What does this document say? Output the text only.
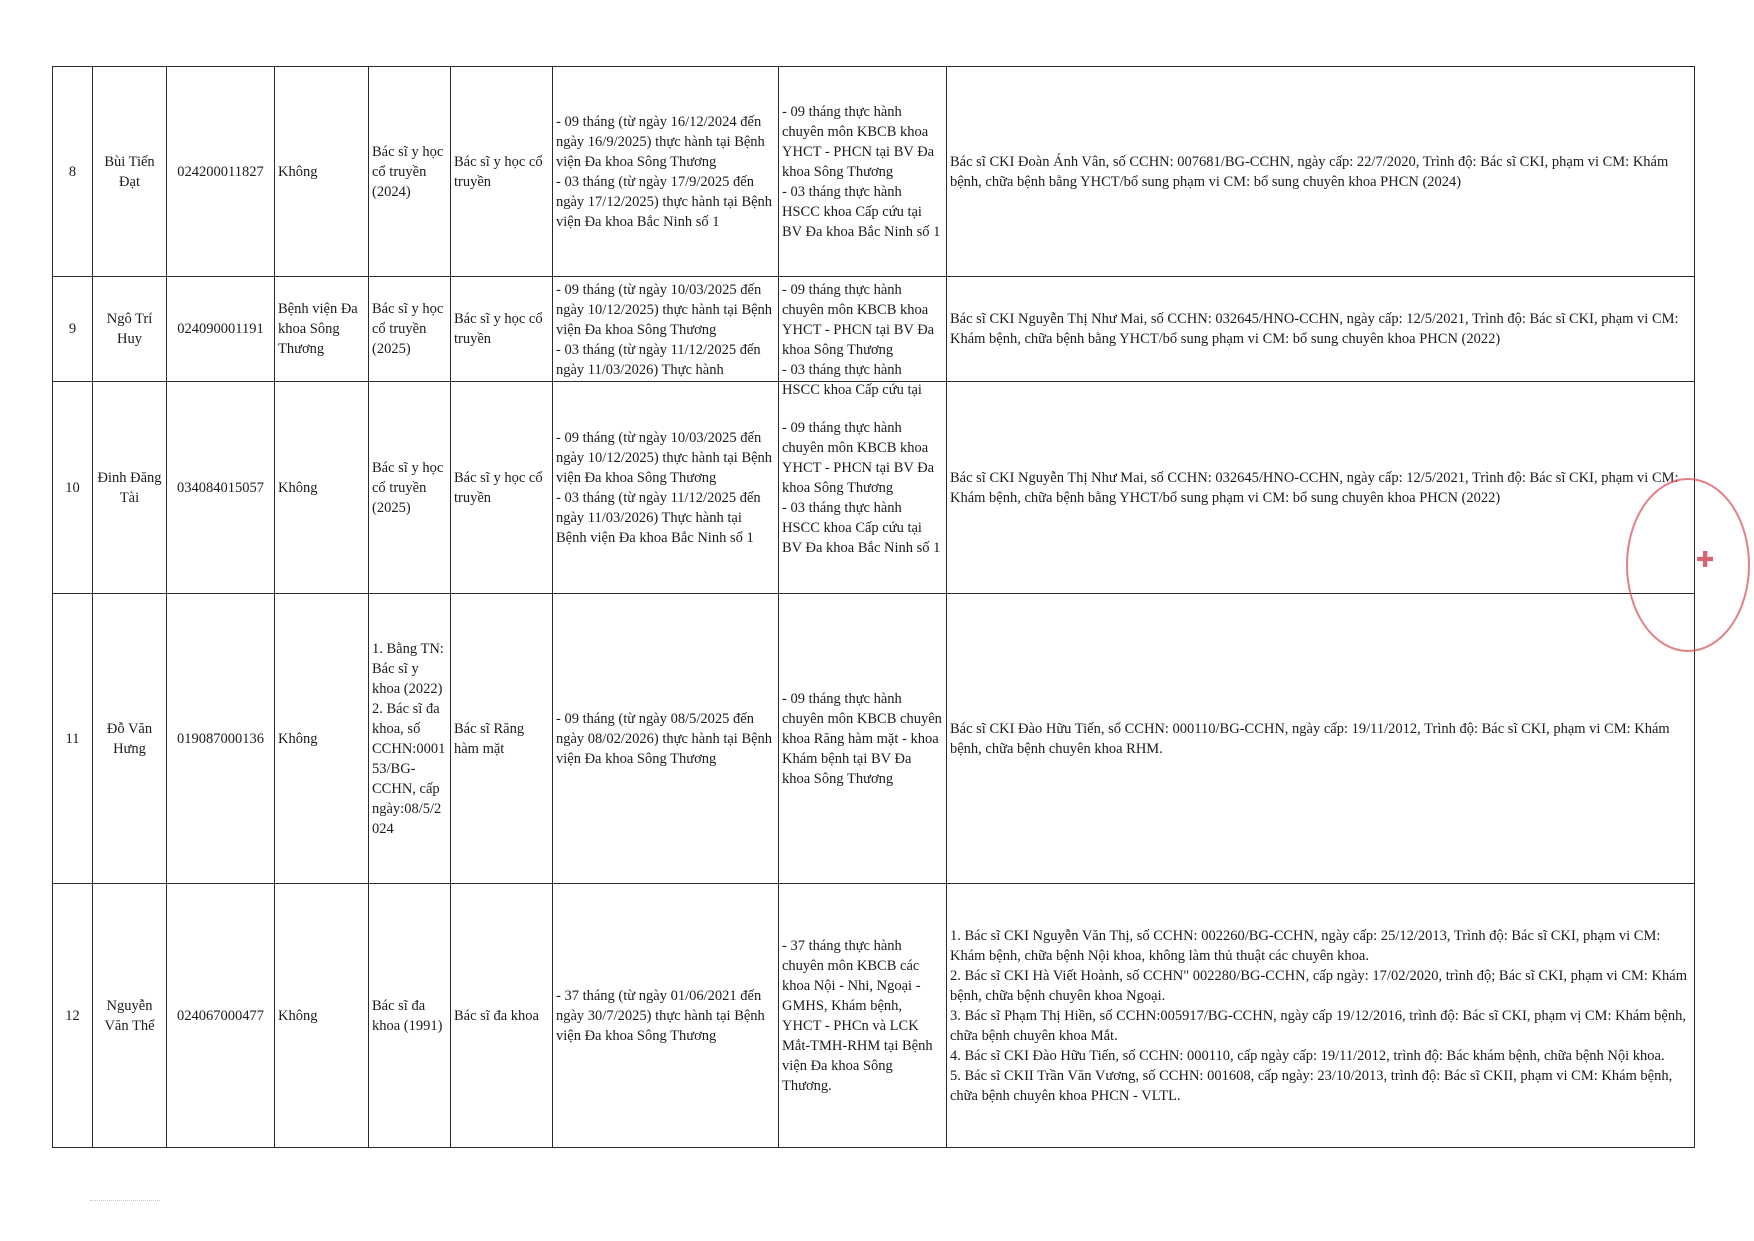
8	Bùi Tiến Đạt	024200011827	Không	Bác sĩ y học cổ truyền (2024)	Bác sĩ y học cổ truyền	- 09 tháng (từ ngày 16/12/2024 đến ngày 16/9/2025) thực hành tại Bệnh viện Đa khoa Sông Thương
- 03 tháng (từ ngày 17/9/2025 đến ngày 17/12/2025) thực hành tại Bệnh viện Đa khoa Bắc Ninh số 1	- 09 tháng thực hành chuyên môn KBCB khoa YHCT - PHCN tại BV Đa khoa Sông Thương
- 03 tháng thực hành HSCC khoa Cấp cứu tại BV Đa khoa Bắc Ninh số 1	Bác sĩ CKI Đoàn Ánh Vân, số CCHN: 007681/BG-CCHN, ngày cấp: 22/7/2020, Trình độ: Bác sĩ CKI, phạm vi CM: Khám bệnh, chữa bệnh bằng YHCT/bổ sung phạm vi CM: bổ sung chuyên khoa PHCN (2024)

9	Ngô Trí Huy	024090001191	Bệnh viện Đa khoa Sông Thương	Bác sĩ y học cổ truyền (2025)	Bác sĩ y học cổ truyền	- 09 tháng (từ ngày 10/03/2025 đến ngày 10/12/2025) thực hành tại Bệnh viện Đa khoa Sông Thương
- 03 tháng (từ ngày 11/12/2025 đến ngày 11/03/2026) Thực hành	- 09 tháng thực hành chuyên môn KBCB khoa YHCT - PHCN tại BV Đa khoa Sông Thương
- 03 tháng thực hành HSCC khoa Cấp cứu tại	Bác sĩ CKI Nguyễn Thị Như Mai, số CCHN: 032645/HNO-CCHN, ngày cấp: 12/5/2021, Trình độ: Bác sĩ CKI, phạm vi CM: Khám bệnh, chữa bệnh bằng YHCT/bổ sung phạm vi CM: bổ sung chuyên khoa PHCN (2022)

10	Đinh Đăng Tài	034084015057	Không	Bác sĩ y học cổ truyền (2025)	Bác sĩ y học cổ truyền	- 09 tháng (từ ngày 10/03/2025 đến ngày 10/12/2025) thực hành tại Bệnh viện Đa khoa Sông Thương
- 03 tháng (từ ngày 11/12/2025 đến ngày 11/03/2026) Thực hành tại Bệnh viện Đa khoa Bắc Ninh số 1	- 09 tháng thực hành chuyên môn KBCB khoa YHCT - PHCN tại BV Đa khoa Sông Thương
- 03 tháng thực hành HSCC khoa Cấp cứu tại BV Đa khoa Bắc Ninh số 1	Bác sĩ CKI Nguyễn Thị Như Mai, số CCHN: 032645/HNO-CCHN, ngày cấp: 12/5/2021, Trình độ: Bác sĩ CKI, phạm vi CM: Khám bệnh, chữa bệnh bằng YHCT/bổ sung phạm vi CM: bổ sung chuyên khoa PHCN (2022)

11	Đỗ Văn Hưng	019087000136	Không	1. Bằng TN: Bác sĩ y khoa (2022)
2. Bác sĩ đa khoa, số CCHN:000153/BG-CCHN, cấp ngày:08/5/2024	Bác sĩ Răng hàm mặt	- 09 tháng (từ ngày 08/5/2025 đến ngày 08/02/2026) thực hành tại Bệnh viện Đa khoa Sông Thương	- 09 tháng thực hành chuyên môn KBCB chuyên khoa Răng hàm mặt - khoa Khám bệnh tại BV Đa khoa Sông Thương	Bác sĩ CKI Đào Hữu Tiến, số CCHN: 000110/BG-CCHN, ngày cấp: 19/11/2012, Trình độ: Bác sĩ CKI, phạm vi CM: Khám bệnh, chữa bệnh chuyên khoa RHM.

12	Nguyễn Văn Thể	024067000477	Không	Bác sĩ đa khoa (1991)	Bác sĩ đa khoa	- 37 tháng (từ ngày 01/06/2021 đến ngày 30/7/2025) thực hành tại Bệnh viện Đa khoa Sông Thương	- 37 tháng thực hành chuyên môn KBCB các khoa Nội - Nhi, Ngoại - GMHS, Khám bệnh, YHCT - PHCn và LCK Mắt-TMH-RHM tại Bệnh viện Đa khoa Sông Thương.	1. Bác sĩ CKI Nguyễn Văn Thị, số CCHN: 002260/BG-CCHN, ngày cấp: 25/12/2013, Trình độ: Bác sĩ CKI, phạm vi CM: Khám bệnh, chữa bệnh Nội khoa, không làm thủ thuật các chuyên khoa.
2. Bác sĩ CKI Hà Viết Hoành, số CCHN" 002280/BG-CCHN, cấp ngày: 17/02/2020, trình độ; Bác sĩ CKI, phạm vi CM: Khám bệnh, chữa bệnh chuyên khoa Ngoại.
3. Bác sĩ Phạm Thị Hiền, số CCHN:005917/BG-CCHN, ngày cấp 19/12/2016, trình độ: Bác sĩ CKI, phạm vị CM: Khám bệnh, chữa bệnh chuyên khoa Mắt.
4. Bác sĩ CKI Đào Hữu Tiến, số CCHN: 000110, cấp ngày cấp: 19/11/2012, trình độ: Bác khám bệnh, chữa bệnh Nội khoa.
5. Bác sĩ CKII Trần Văn Vương, số CCHN: 001608, cấp ngày: 23/10/2013, trình độ: Bác sĩ CKII, phạm vi CM: Khám bệnh, chữa bệnh chuyên khoa PHCN - VLTL.
✚
